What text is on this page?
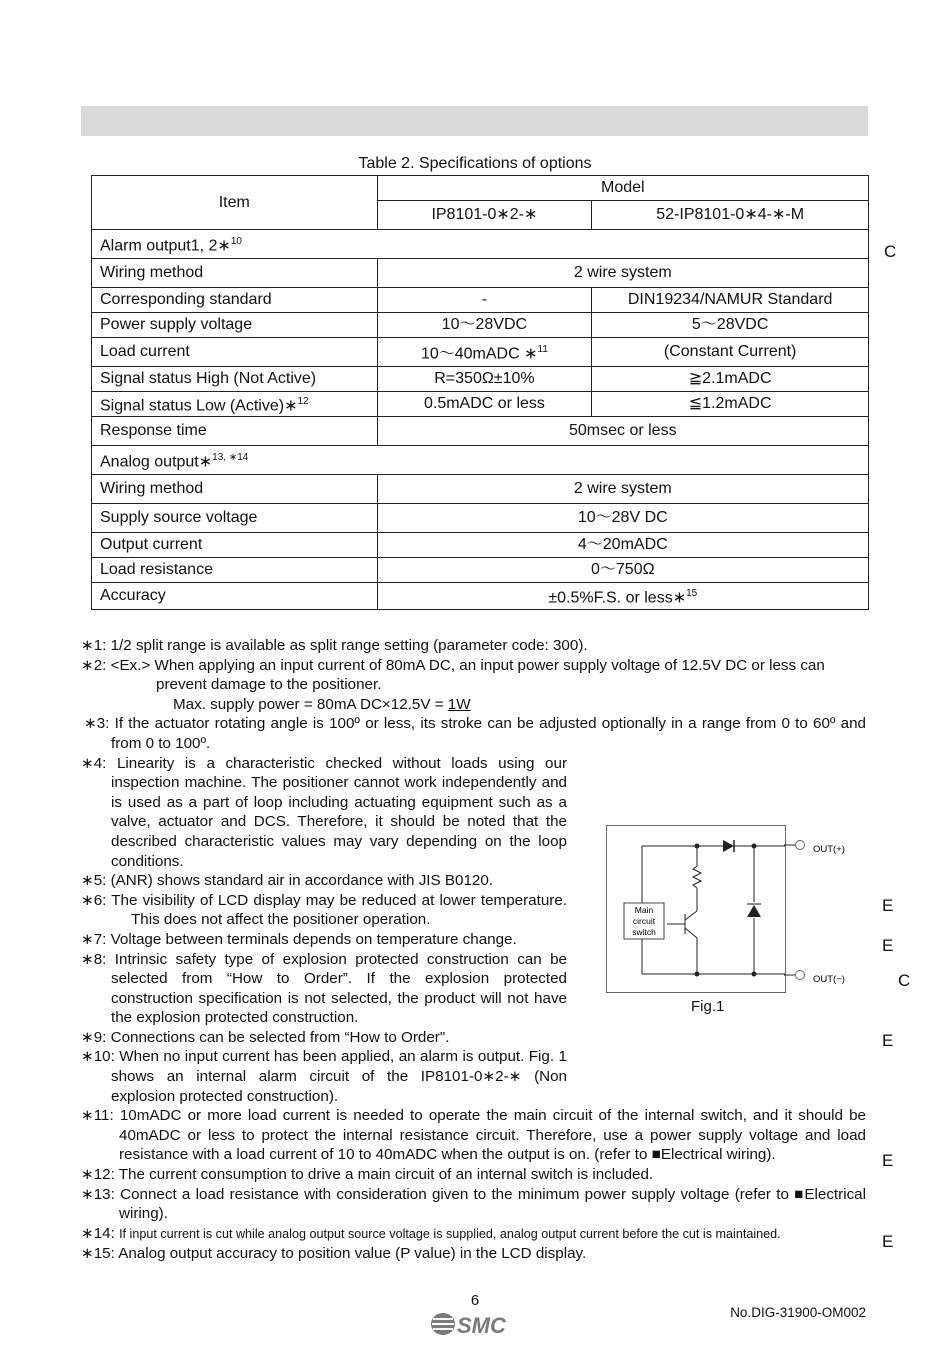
Table 2. Specifications of options
Item	Model	
	IP8101-0∗2-∗	52-IP8101-0∗4-∗-M
Alarm output1, 2∗$^{10}$
Wiring method	2 wire system	
Corresponding standard	-	DIN19234/NAMUR Standard
Power supply voltage	10～28VDC	5～28VDC
Load current	10～40mADC ∗$^{11}$	(Constant Current)
Signal status High (Not Active)	R=350Ω±10%	≧2.1mADC
Signal status Low (Active)∗$^{12}$	0.5mADC or less	≦1.2mADC
Response time	50msec or less	
Analog output∗$^{13, ∗14}$
Wiring method	2 wire system	
Supply source voltage	10～28V DC	
Output current	4～20mADC	
Load resistance	0～750Ω	
Accuracy	±0.5%F.S. or less∗$^{15}$
C
E
E
C
E
E
E

∗1: 1/2 split range is available as split range setting (parameter code: 300).

∗2: <Ex.> When applying an input current of 80mA DC, an input power supply voltage of 12.5V DC or less can

prevent damage to the positioner.

Max. supply power = 80mA DC×12.5V = 1W

∗3: If the actuator rotating angle is 100º or less, its stroke can be adjusted optionally in a range from 0 to 60º and from 0 to 100º.

∗4: Linearity is a characteristic checked without loads using our inspection machine. The positioner cannot work independently and is used as a part of loop including actuating equipment such as a valve, actuator and DCS. Therefore, it should be noted that the described characteristic values may vary depending on the loop conditions.

∗5: (ANR) shows standard air in accordance with JIS B0120.

∗6: The visibility of LCD display may be reduced at lower temperature. This does not affect the positioner operation.

∗7: Voltage between terminals depends on temperature change.

∗8: Intrinsic safety type of explosion protected construction can be selected from “How to Order”. If the explosion protected construction specification is not selected, the product will not have the explosion protected construction.

∗9: Connections can be selected from “How to Order".

∗10: When no input current has been applied, an alarm is output. Fig. 1 shows an internal alarm circuit of the IP8101-0∗2-∗ (Non explosion protected construction).

∗11: 10mADC or more load current is needed to operate the main circuit of the internal switch, and it should be 40mADC or less to protect the internal resistance circuit. Therefore, use a power supply voltage and load resistance with a load current of 10 to 40mADC when the output is on. (refer to ■Electrical wiring).

∗12: The current consumption to drive a main circuit of an internal switch is included.

∗13: Connect a load resistance with consideration given to the minimum power supply voltage (refer to ■Electrical wiring).

∗14: If input current is cut while analog output source voltage is supplied, analog output current before the cut is maintained.

∗15: Analog output accuracy to position value (P value) in the LCD display.

Main
circuit
switch
OUT(+)
OUT(−)
Fig.1
6
SMC
No.DIG-31900-OM002
